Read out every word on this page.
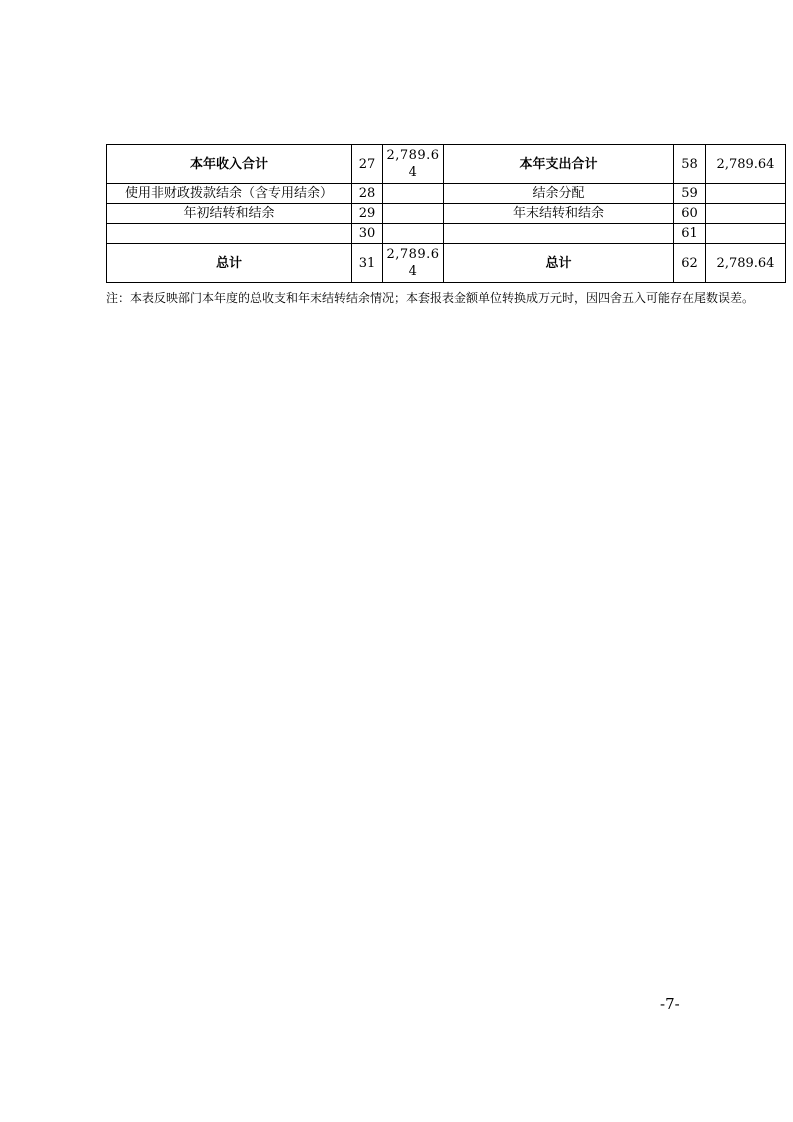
本年收入合计	27	2,789.64	本年支出合计	58	2,789.64
使用非财政拨款结余（含专用结余）	28		结余分配	59	
年初结转和结余	29		年末结转和结余	60	
	30			61	
总计	31	2,789.64	总计	62	2,789.64
注：本表反映部门本年度的总收支和年末结转结余情况；本套报表金额单位转换成万元时，因四舍五入可能存在尾数误差。
-7-
